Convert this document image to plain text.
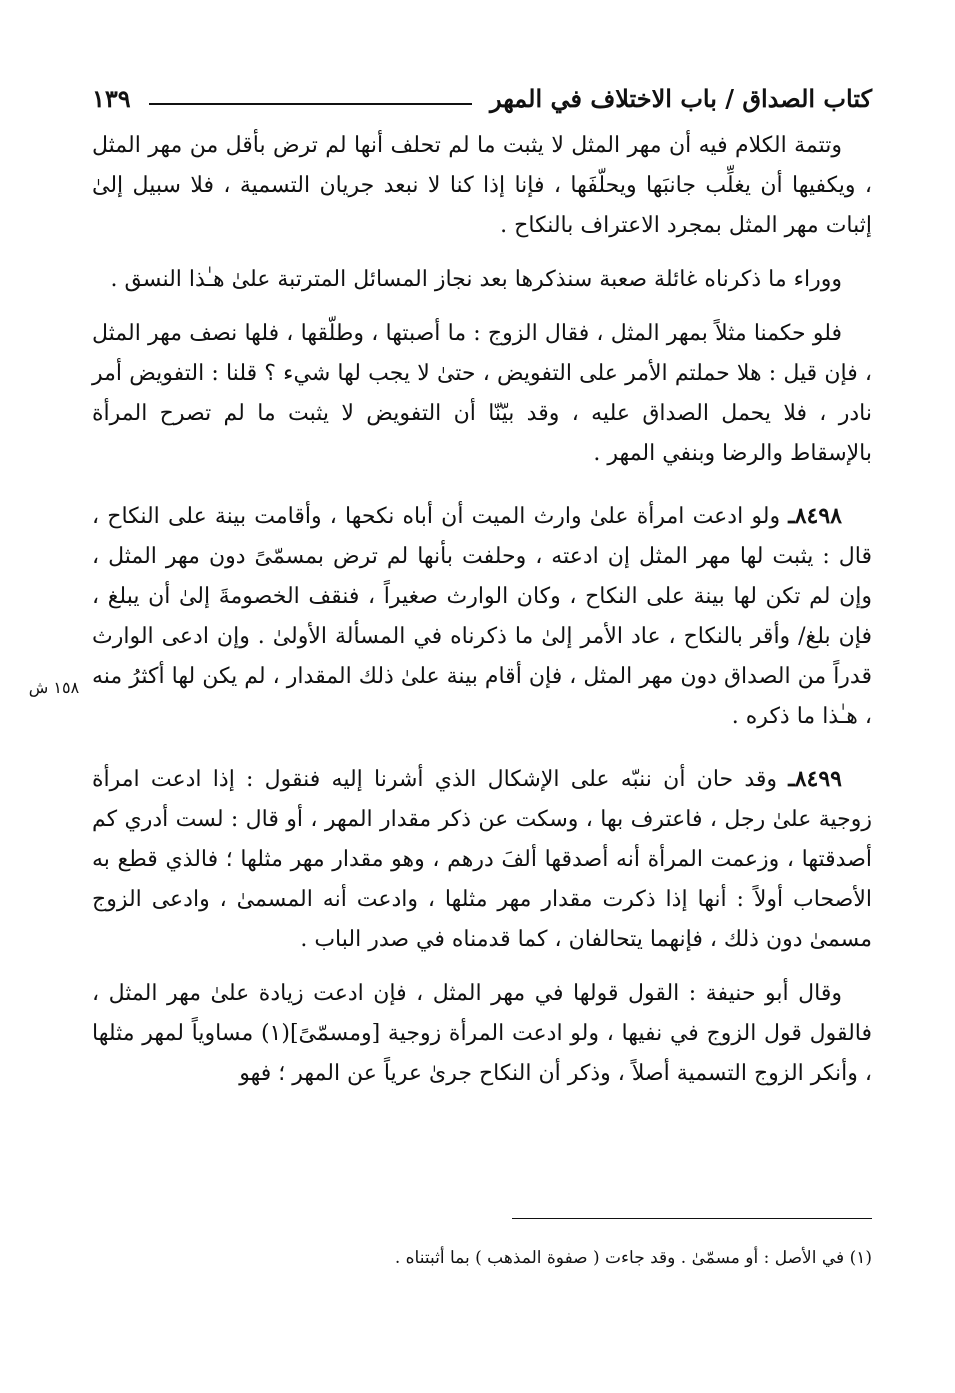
كتاب الصداق / باب الاختلاف في المهر
١٣٩
١٥٨ ش

وتتمة الكلام فيه أن مهر المثل لا يثبت ما لم تحلف أنها لم ترض بأقل من مهر المثل ، ويكفيها أن يغلِّب جانبَها ويحلّفَها ، فإنا إذا كنا لا نبعد جريان التسمية ، فلا سبيل إلىٰ إثبات مهر المثل بمجرد الاعتراف بالنكاح .

ووراء ما ذكرناه غائلة صعبة سنذكرها بعد نجاز المسائل المترتبة علىٰ هـٰذا النسق .

فلو حكمنا مثلاً بمهر المثل ، فقال الزوج : ما أصبتها ، وطلّقها ، فلها نصف مهر المثل ، فإن قيل : هلا حملتم الأمر على التفويض ، حتىٰ لا يجب لها شيء ؟ قلنا : التفويض أمر نادر ، فلا يحمل الصداق عليه ، وقد بيّنّا أن التفويض لا يثبت ما لم تصرح المرأة بالإسقاط والرضا وبنفي المهر .

٨٤٩٨ـ ولو ادعت امرأة علىٰ وارث الميت أن أباه نكحها ، وأقامت بينة على النكاح ، قال : يثبت لها مهر المثل إن ادعته ، وحلفت بأنها لم ترض بمسمّىً دون مهر المثل ، وإن لم تكن لها بينة على النكاح ، وكان الوارث صغيراً ، فنقف الخصومةَ إلىٰ أن يبلغ ، فإن بلغ/ وأقر بالنكاح ، عاد الأمر إلىٰ ما ذكرناه في المسألة الأولىٰ . وإن ادعى الوارث قدراً من الصداق دون مهر المثل ، فإن أقام بينة علىٰ ذلك المقدار ، لم يكن لها أكثرُ منه ، هـٰذا ما ذكره .

٨٤٩٩ـ وقد حان أن ننبّه على الإشكال الذي أشرنا إليه فنقول : إذا ادعت امرأة زوجية علىٰ رجل ، فاعترف بها ، وسكت عن ذكر مقدار المهر ، أو قال : لست أدري كم أصدقتها ، وزعمت المرأة أنه أصدقها ألفَ درهم ، وهو مقدار مهر مثلها ؛ فالذي قطع به الأصحاب أولاً : أنها إذا ذكرت مقدار مهر مثلها ، وادعت أنه المسمىٰ ، وادعى الزوج مسمىٰ دون ذلك ، فإنهما يتحالفان ، كما قدمناه في صدر الباب .

وقال أبو حنيفة : القول قولها في مهر المثل ، فإن ادعت زيادة علىٰ مهر المثل ، فالقول قول الزوج في نفيها ، ولو ادعت المرأة زوجية [ومسمّىً](١) مساوياً لمهر مثلها ، وأنكر الزوج التسمية أصلاً ، وذكر أن النكاح جرىٰ عرياً عن المهر ؛ فهو

(١) في الأصل : أو مسمّىٰ . وقد جاءت ( صفوة المذهب ) بما أثبتناه .
